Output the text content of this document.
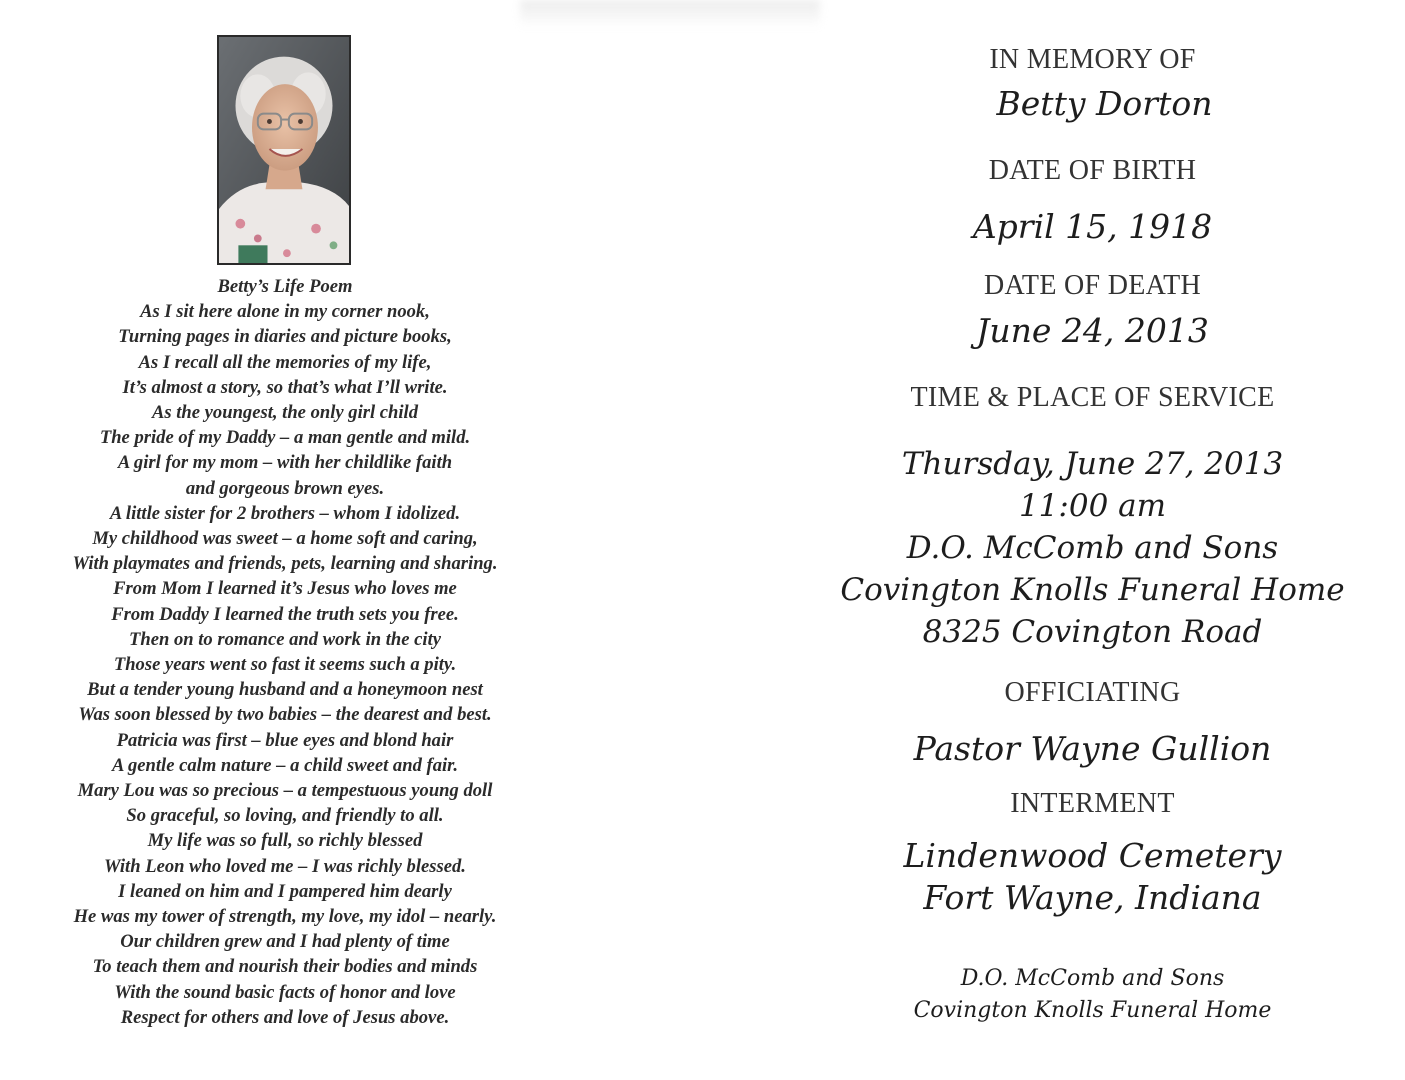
Betty’s Life Poem
As I sit here alone in my corner nook,
Turning pages in diaries and picture books,
As I recall all the memories of my life,
It’s almost a story, so that’s what I’ll write.
As the youngest, the only girl child
The pride of my Daddy – a man gentle and mild.
A girl for my mom – with her childlike faith
and gorgeous brown eyes.
A little sister for 2 brothers – whom I idolized.
My childhood was sweet – a home soft and caring,
With playmates and friends, pets, learning and sharing.
From Mom I learned it’s Jesus who loves me
From Daddy I learned the truth sets you free.
Then on to romance and work in the city
Those years went so fast it seems such a pity.
But a tender young husband and a honeymoon nest
Was soon blessed by two babies – the dearest and best.
Patricia was first – blue eyes and blond hair
A gentle calm nature – a child sweet and fair.
Mary Lou was so precious – a tempestuous young doll
So graceful, so loving, and friendly to all.
My life was so full, so richly blessed
With Leon who loved me – I was richly blessed.
I leaned on him and I pampered him dearly
He was my tower of strength, my love, my idol – nearly.
Our children grew and I had plenty of time
To teach them and nourish their bodies and minds
With the sound basic facts of honor and love
Respect for others and love of Jesus above.
IN MEMORY OF
Betty Dorton
DATE OF BIRTH
April 15, 1918
DATE OF DEATH
June 24, 2013
TIME & PLACE OF SERVICE
Thursday, June 27, 2013
11:00 am
D.O. McComb and Sons
Covington Knolls Funeral Home
8325 Covington Road
OFFICIATING
Pastor Wayne Gullion
INTERMENT
Lindenwood Cemetery
Fort Wayne, Indiana
D.O. McComb and Sons
Covington Knolls Funeral Home
